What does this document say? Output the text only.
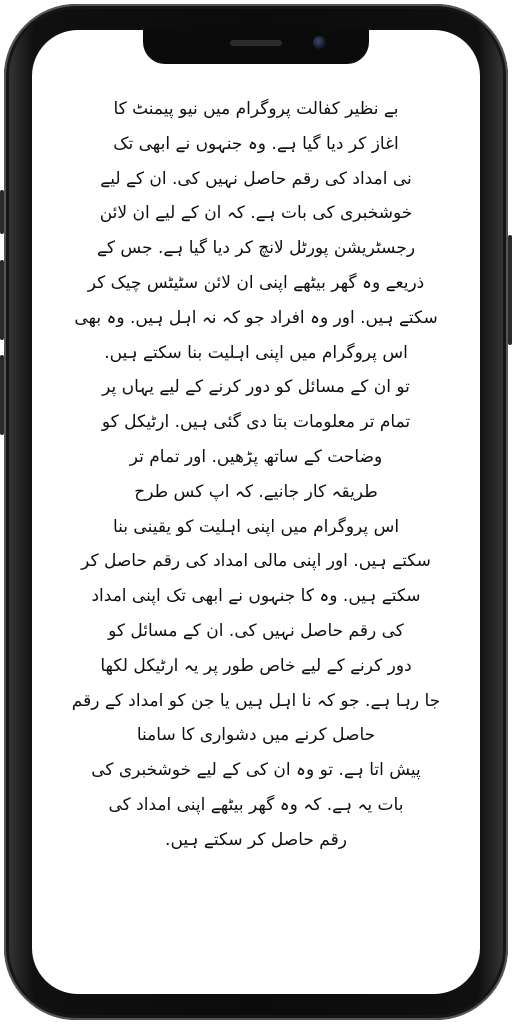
بے نظیر کفالت پروگرام میں نیو پیمنٹ کا
اغاز کر دیا گیا ہے. وہ جنہوں نے ابھی تک
نی امداد کی رقم حاصل نہیں کی. ان کے لیے
خوشخبری کی بات ہے. کہ ان کے لیے ان لائن
رجسٹریشن پورٹل لانچ کر دیا گیا ہے. جس کے
ذریعے وہ گھر بیٹھے اپنی ان لائن سٹیٹس چیک کر
سکتے ہیں. اور وہ افراد جو کہ نہ اہل ہیں. وہ بھی
اس پروگرام میں اپنی اہلیت بنا سکتے ہیں.
تو ان کے مسائل کو دور کرنے کے لیے یہاں پر
تمام تر معلومات بتا دی گئی ہیں. ارٹیکل کو
وضاحت کے ساتھ پڑھیں. اور تمام تر
طریقہ کار جانیے. کہ اپ کس طرح
اس پروگرام میں اپنی اہلیت کو یقینی بنا
سکتے ہیں. اور اپنی مالی امداد کی رقم حاصل کر
سکتے ہیں. وہ کا جنہوں نے ابھی تک اپنی امداد
کی رقم حاصل نہیں کی. ان کے مسائل کو
دور کرنے کے لیے خاص طور پر یہ ارٹیکل لکھا
جا رہا ہے. جو کہ نا اہل ہیں یا جن کو امداد کے رقم
حاصل کرنے میں دشواری کا سامنا
پیش اتا ہے. تو وہ ان کی کے لیے خوشخبری کی
بات یہ ہے. کہ وہ گھر بیٹھے اپنی امداد کی
رقم حاصل کر سکتے ہیں.
